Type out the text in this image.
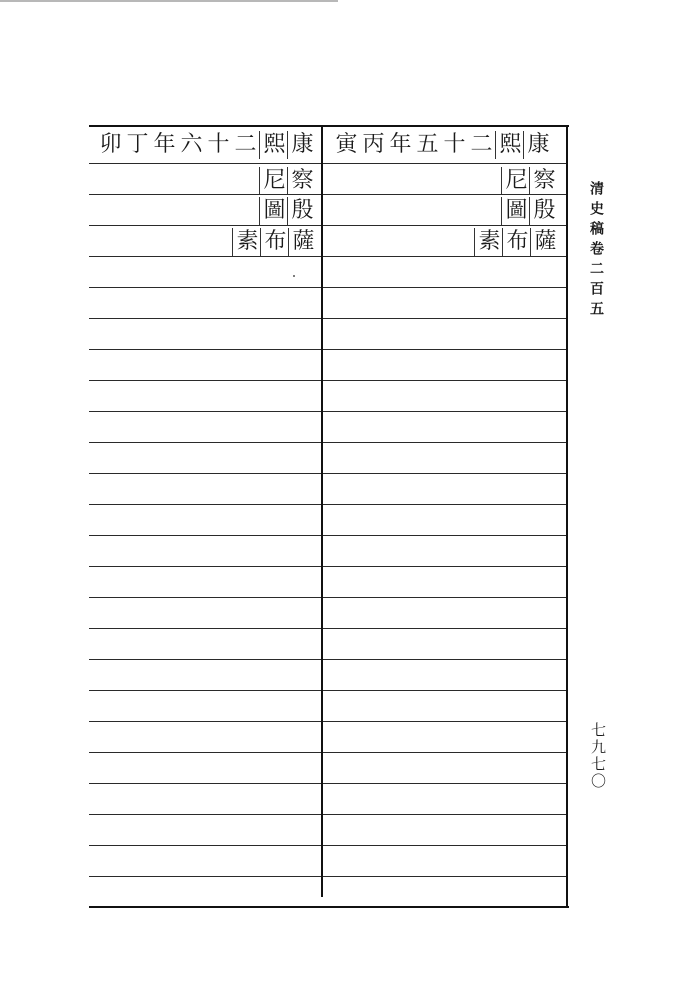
清史稿卷二百五
七九七〇
卯 丁 年 六 十 二 熙 康 寅 丙 年 五 十 二 熙 康
尼 察
圖 殷
素 布 薩
尼 察
圖 殷
素 布 薩
